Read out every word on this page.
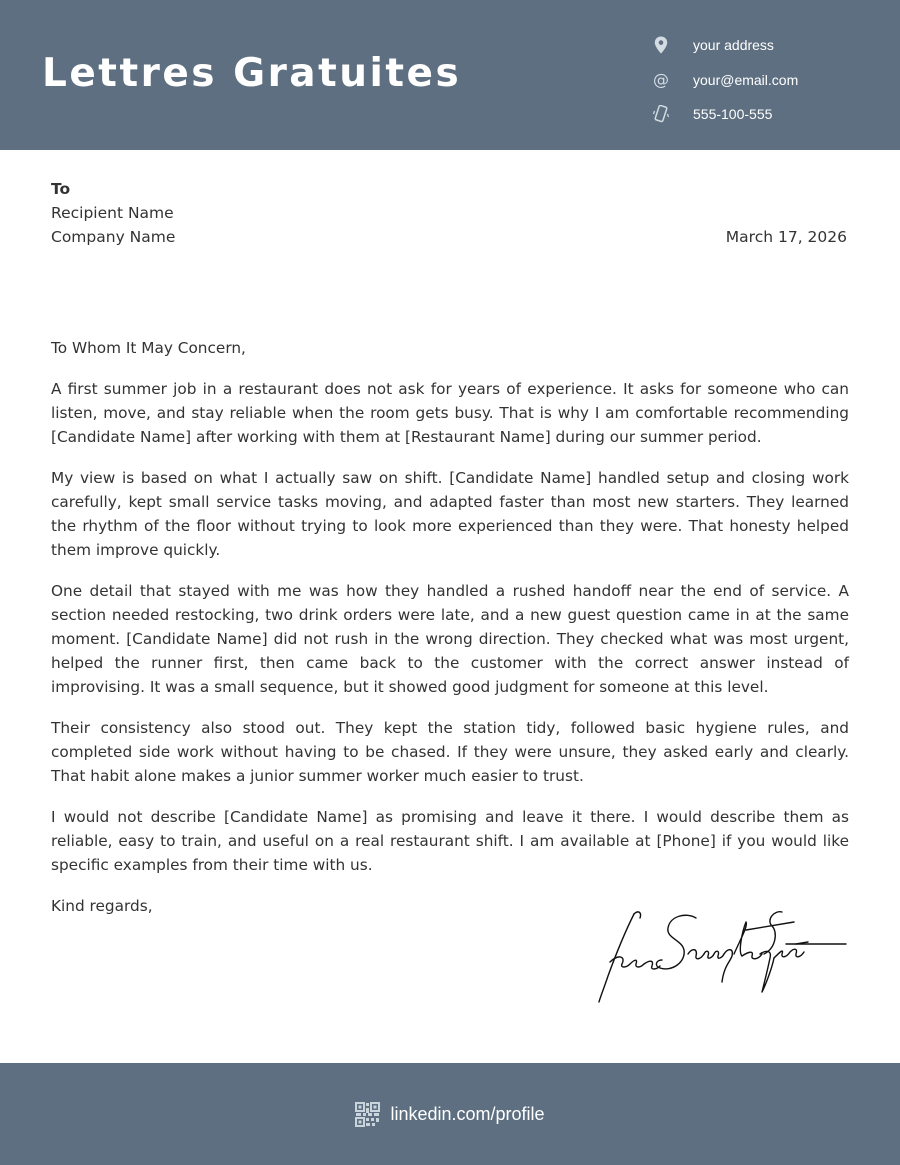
Lettres Gratuites
your address
@ your@email.com
555-100-555
To
Recipient Name
Company Name	March 17, 2026

To Whom It May Concern,

A first summer job in a restaurant does not ask for years of experience. It asks for someone who can listen, move, and stay reliable when the room gets busy. That is why I am comfortable recommending [Candidate Name] after working with them at [Restaurant Name] during our summer period.

My view is based on what I actually saw on shift. [Candidate Name] handled setup and closing work carefully, kept small service tasks moving, and adapted faster than most new starters. They learned the rhythm of the floor without trying to look more experienced than they were. That honesty helped them improve quickly.

One detail that stayed with me was how they handled a rushed handoff near the end of service. A section needed restocking, two drink orders were late, and a new guest question came in at the same moment. [Candidate Name] did not rush in the wrong direction. They checked what was most urgent, helped the runner first, then came back to the customer with the correct answer instead of improvising. It was a small sequence, but it showed good judgment for someone at this level.

Their consistency also stood out. They kept the station tidy, followed basic hygiene rules, and completed side work without having to be chased. If they were unsure, they asked early and clearly. That habit alone makes a junior summer worker much easier to trust.

I would not describe [Candidate Name] as promising and leave it there. I would describe them as reliable, easy to train, and useful on a real restaurant shift. I am available at [Phone] if you would like specific examples from their time with us.

Kind regards,

linkedin.com/profile
